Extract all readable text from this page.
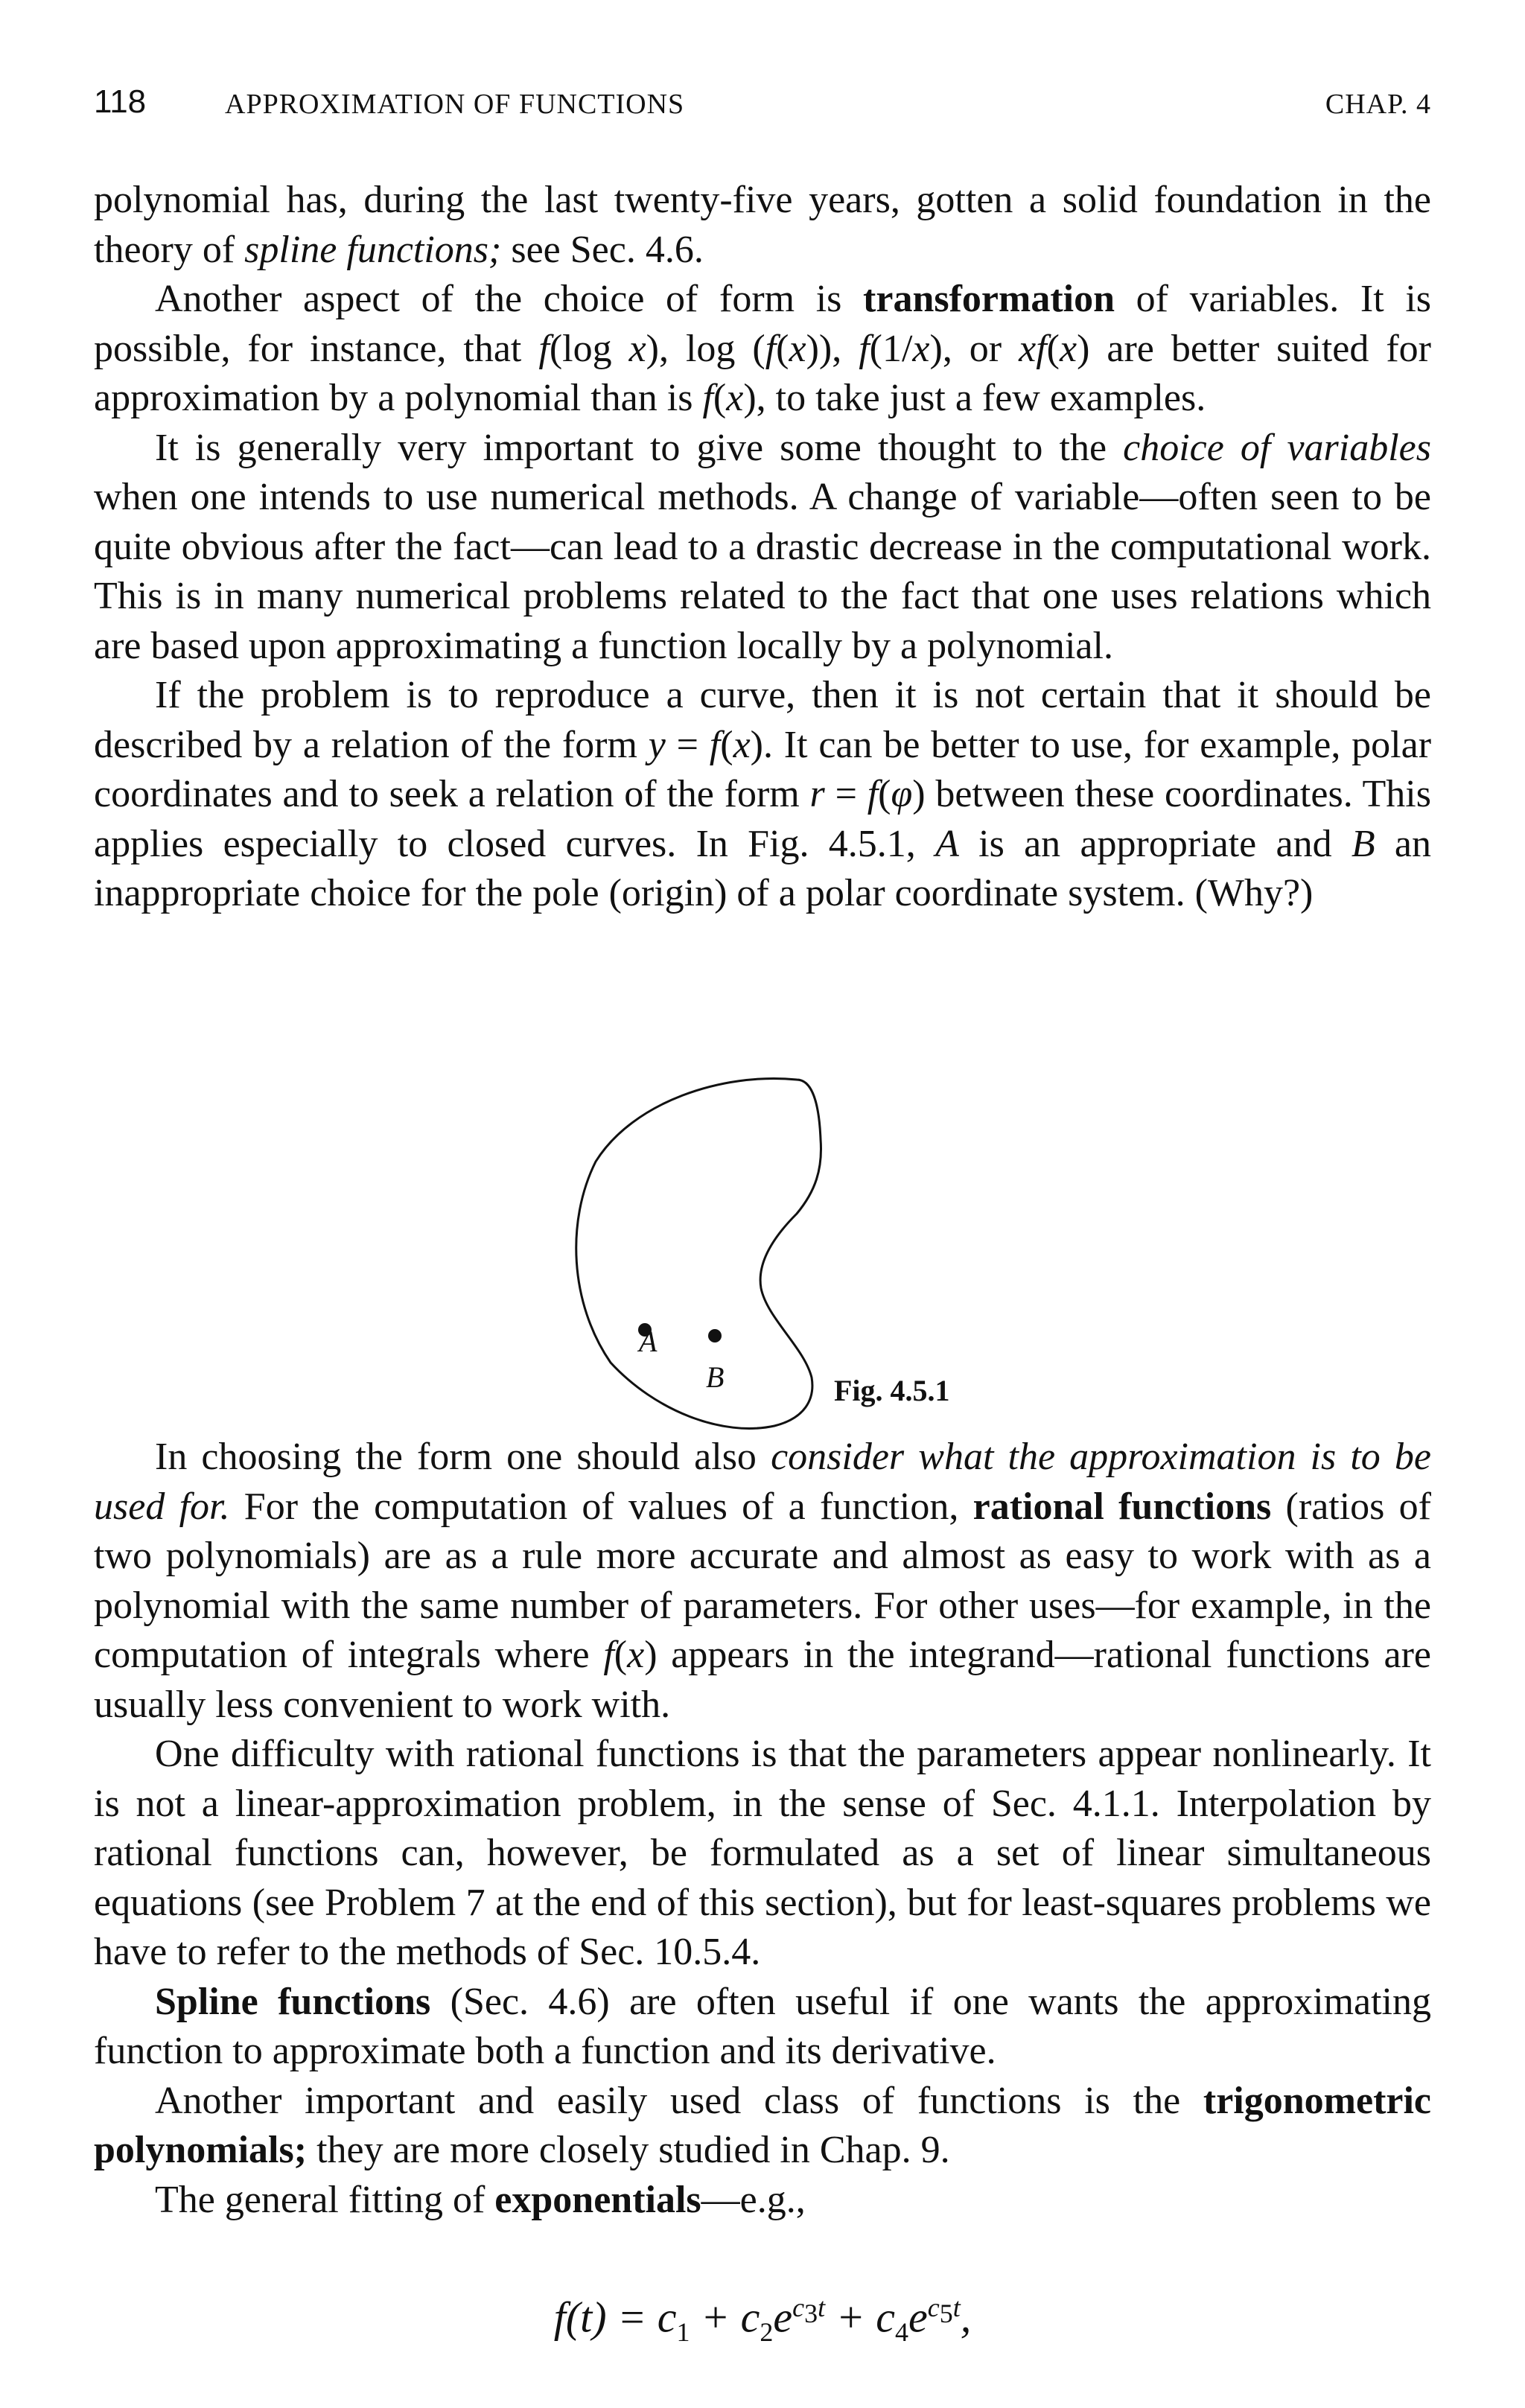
118	APPROXIMATION OF FUNCTIONS	CHAP. 4

polynomial has, during the last twenty-five years, gotten a solid foundation in the theory of spline functions; see Sec. 4.6.

Another aspect of the choice of form is transformation of variables. It is possible, for instance, that f(log x), log (f(x)), f(1/x), or xf(x) are better suited for approximation by a polynomial than is f(x), to take just a few examples.

It is generally very important to give some thought to the choice of variables when one intends to use numerical methods. A change of variable—often seen to be quite obvious after the fact—can lead to a drastic decrease in the computational work. This is in many numerical problems related to the fact that one uses relations which are based upon approximating a function locally by a polynomial.

If the problem is to reproduce a curve, then it is not certain that it should be described by a relation of the form y = f(x). It can be better to use, for example, polar coordinates and to seek a relation of the form r = f(φ) between these coordinates. This applies especially to closed curves. In Fig. 4.5.1, A is an appropriate and B an inappropriate choice for the pole (origin) of a polar coordinate system. (Why?)

A
B	Fig. 4.5.1

In choosing the form one should also consider what the approximation is to be used for. For the computation of values of a function, rational functions (ratios of two polynomials) are as a rule more accurate and almost as easy to work with as a polynomial with the same number of parameters. For other uses—for example, in the computation of integrals where f(x) appears in the integrand—rational functions are usually less convenient to work with.

One difficulty with rational functions is that the parameters appear nonlinearly. It is not a linear-approximation problem, in the sense of Sec. 4.1.1. Interpolation by rational functions can, however, be formulated as a set of linear simultaneous equations (see Problem 7 at the end of this section), but for least-squares problems we have to refer to the methods of Sec. 10.5.4.

Spline functions (Sec. 4.6) are often useful if one wants the approximating function to approximate both a function and its derivative.

Another important and easily used class of functions is the trigonometric polynomials; they are more closely studied in Chap. 9.

The general fitting of exponentials—e.g.,

$f(t) = c_1 + c_2e^{c_3t} + c_4e^{c_5t}$,
